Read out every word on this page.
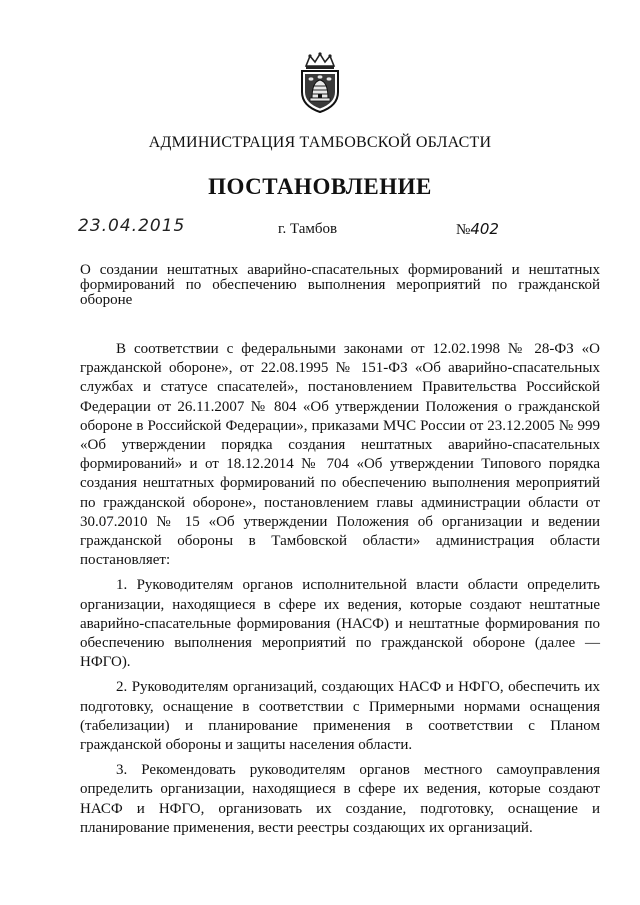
АДМИНИСТРАЦИЯ ТАМБОВСКОЙ ОБЛАСТИ
ПОСТАНОВЛЕНИЕ
23.04.2015	г. Тамбов	№402
О создании нештатных аварийно-спасательных формирований и нештатных формирований по обеспечению выполнения мероприятий по гражданской обороне

В соответствии с федеральными законами от 12.02.1998 № 28-ФЗ «О гражданской обороне», от 22.08.1995 № 151-ФЗ «Об аварийно-спасательных службах и статусе спасателей», постановлением Правительства Российской Федерации от 26.11.2007 № 804 «Об утверждении Положения о гражданской обороне в Российской Федерации», приказами МЧС России от 23.12.2005 № 999 «Об утверждении порядка создания нештатных аварийно-спасательных формирований» и от 18.12.2014 № 704 «Об утверждении Типового порядка создания нештатных формирований по обеспечению выполнения мероприятий по гражданской обороне», постановлением главы администрации области от 30.07.2010 № 15 «Об утверждении Положения об организации и ведении гражданской обороны в Тамбовской области» администрация области постановляет:

1. Руководителям органов исполнительной власти области определить организации, находящиеся в сфере их ведения, которые создают нештатные аварийно-спасательные формирования (НАСФ) и нештатные формирования по обеспечению выполнения мероприятий по гражданской обороне (далее — НФГО).

2. Руководителям организаций, создающих НАСФ и НФГО, обеспечить их подготовку, оснащение в соответствии с Примерными нормами оснащения (табелизации) и планирование применения в соответствии с Планом гражданской обороны и защиты населения области.

3. Рекомендовать руководителям органов местного самоуправления определить организации, находящиеся в сфере их ведения, которые создают НАСФ и НФГО, организовать их создание, подготовку, оснащение и планирование применения, вести реестры создающих их организаций.
